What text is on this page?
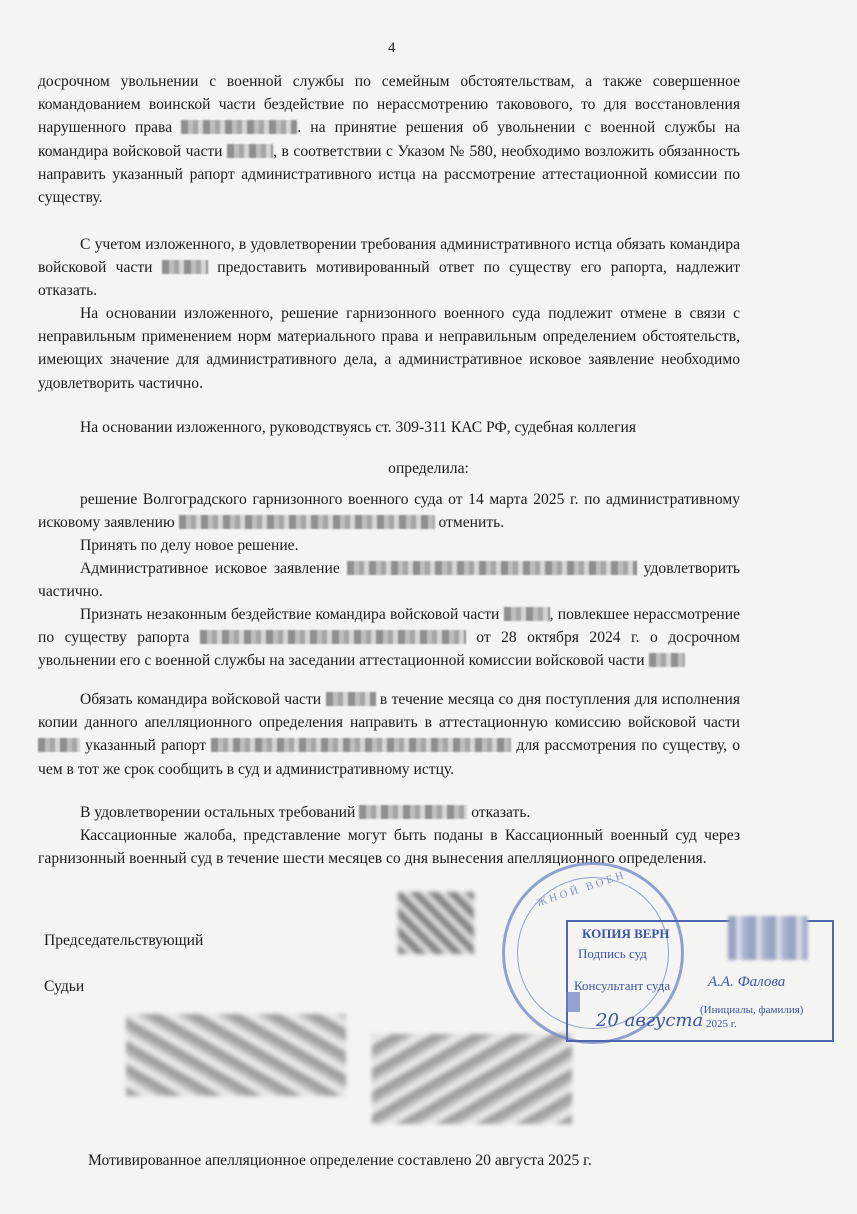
4

досрочном увольнении с военной службы по семейным обстоятельствам, а также совершенное командованием воинской части бездействие по нерассмотрению таковового, то для восстановления нарушенного права	. на принятие решения об увольнении с военной службы на командира войсковой части	, в соответствии с Указом № 580, необходимо возложить обязанность направить указанный рапорт административного истца на рассмотрение аттестационной комиссии по существу.

С учетом изложенного, в удовлетворении требования административного истца обязать командира войсковой части	предоставить мотивированный ответ по существу его рапорта, надлежит отказать.

На основании изложенного, решение гарнизонного военного суда подлежит отмене в связи с неправильным применением норм материального права и неправильным определением обстоятельств, имеющих значение для административного дела, а административное исковое заявление необходимо удовлетворить частично.

На основании изложенного, руководствуясь ст. 309-311 КАС РФ, судебная коллегия

определила:

решение Волгоградского гарнизонного военного суда от 14 марта 2025 г. по административному исковому заявлению	отменить.

Принять по делу новое решение.

Административное исковое заявление	удовлетворить частично.

Признать незаконным бездействие командира войсковой части	, повлекшее нерассмотрение по существу рапорта	от 28 октября 2024 г. о досрочном увольнении его с военной службы на заседании аттестационной комиссии войсковой части

Обязать командира войсковой части	в течение месяца со дня поступления для исполнения копии данного апелляционного определения направить в аттестационную комиссию войсковой части  указанный рапорт	для рассмотрения по существу, о чем в тот же срок сообщить в суд и административному истцу.

В удовлетворении остальных требований	отказать.

Кассационные жалоба, представление могут быть поданы в Кассационный военный суд через гарнизонный военный суд в течение шести месяцев со дня вынесения апелляционного определения.

Председательствующий
Судьи
ЖНОЙ ВОЕН
КОПИЯ ВЕРН
Подпись суд
Консультант суда	А.А. Фалова
(Инициалы, фамилия)
20 августа 2025 г.
Мотивированное апелляционное определение составлено 20 августа 2025 г.
